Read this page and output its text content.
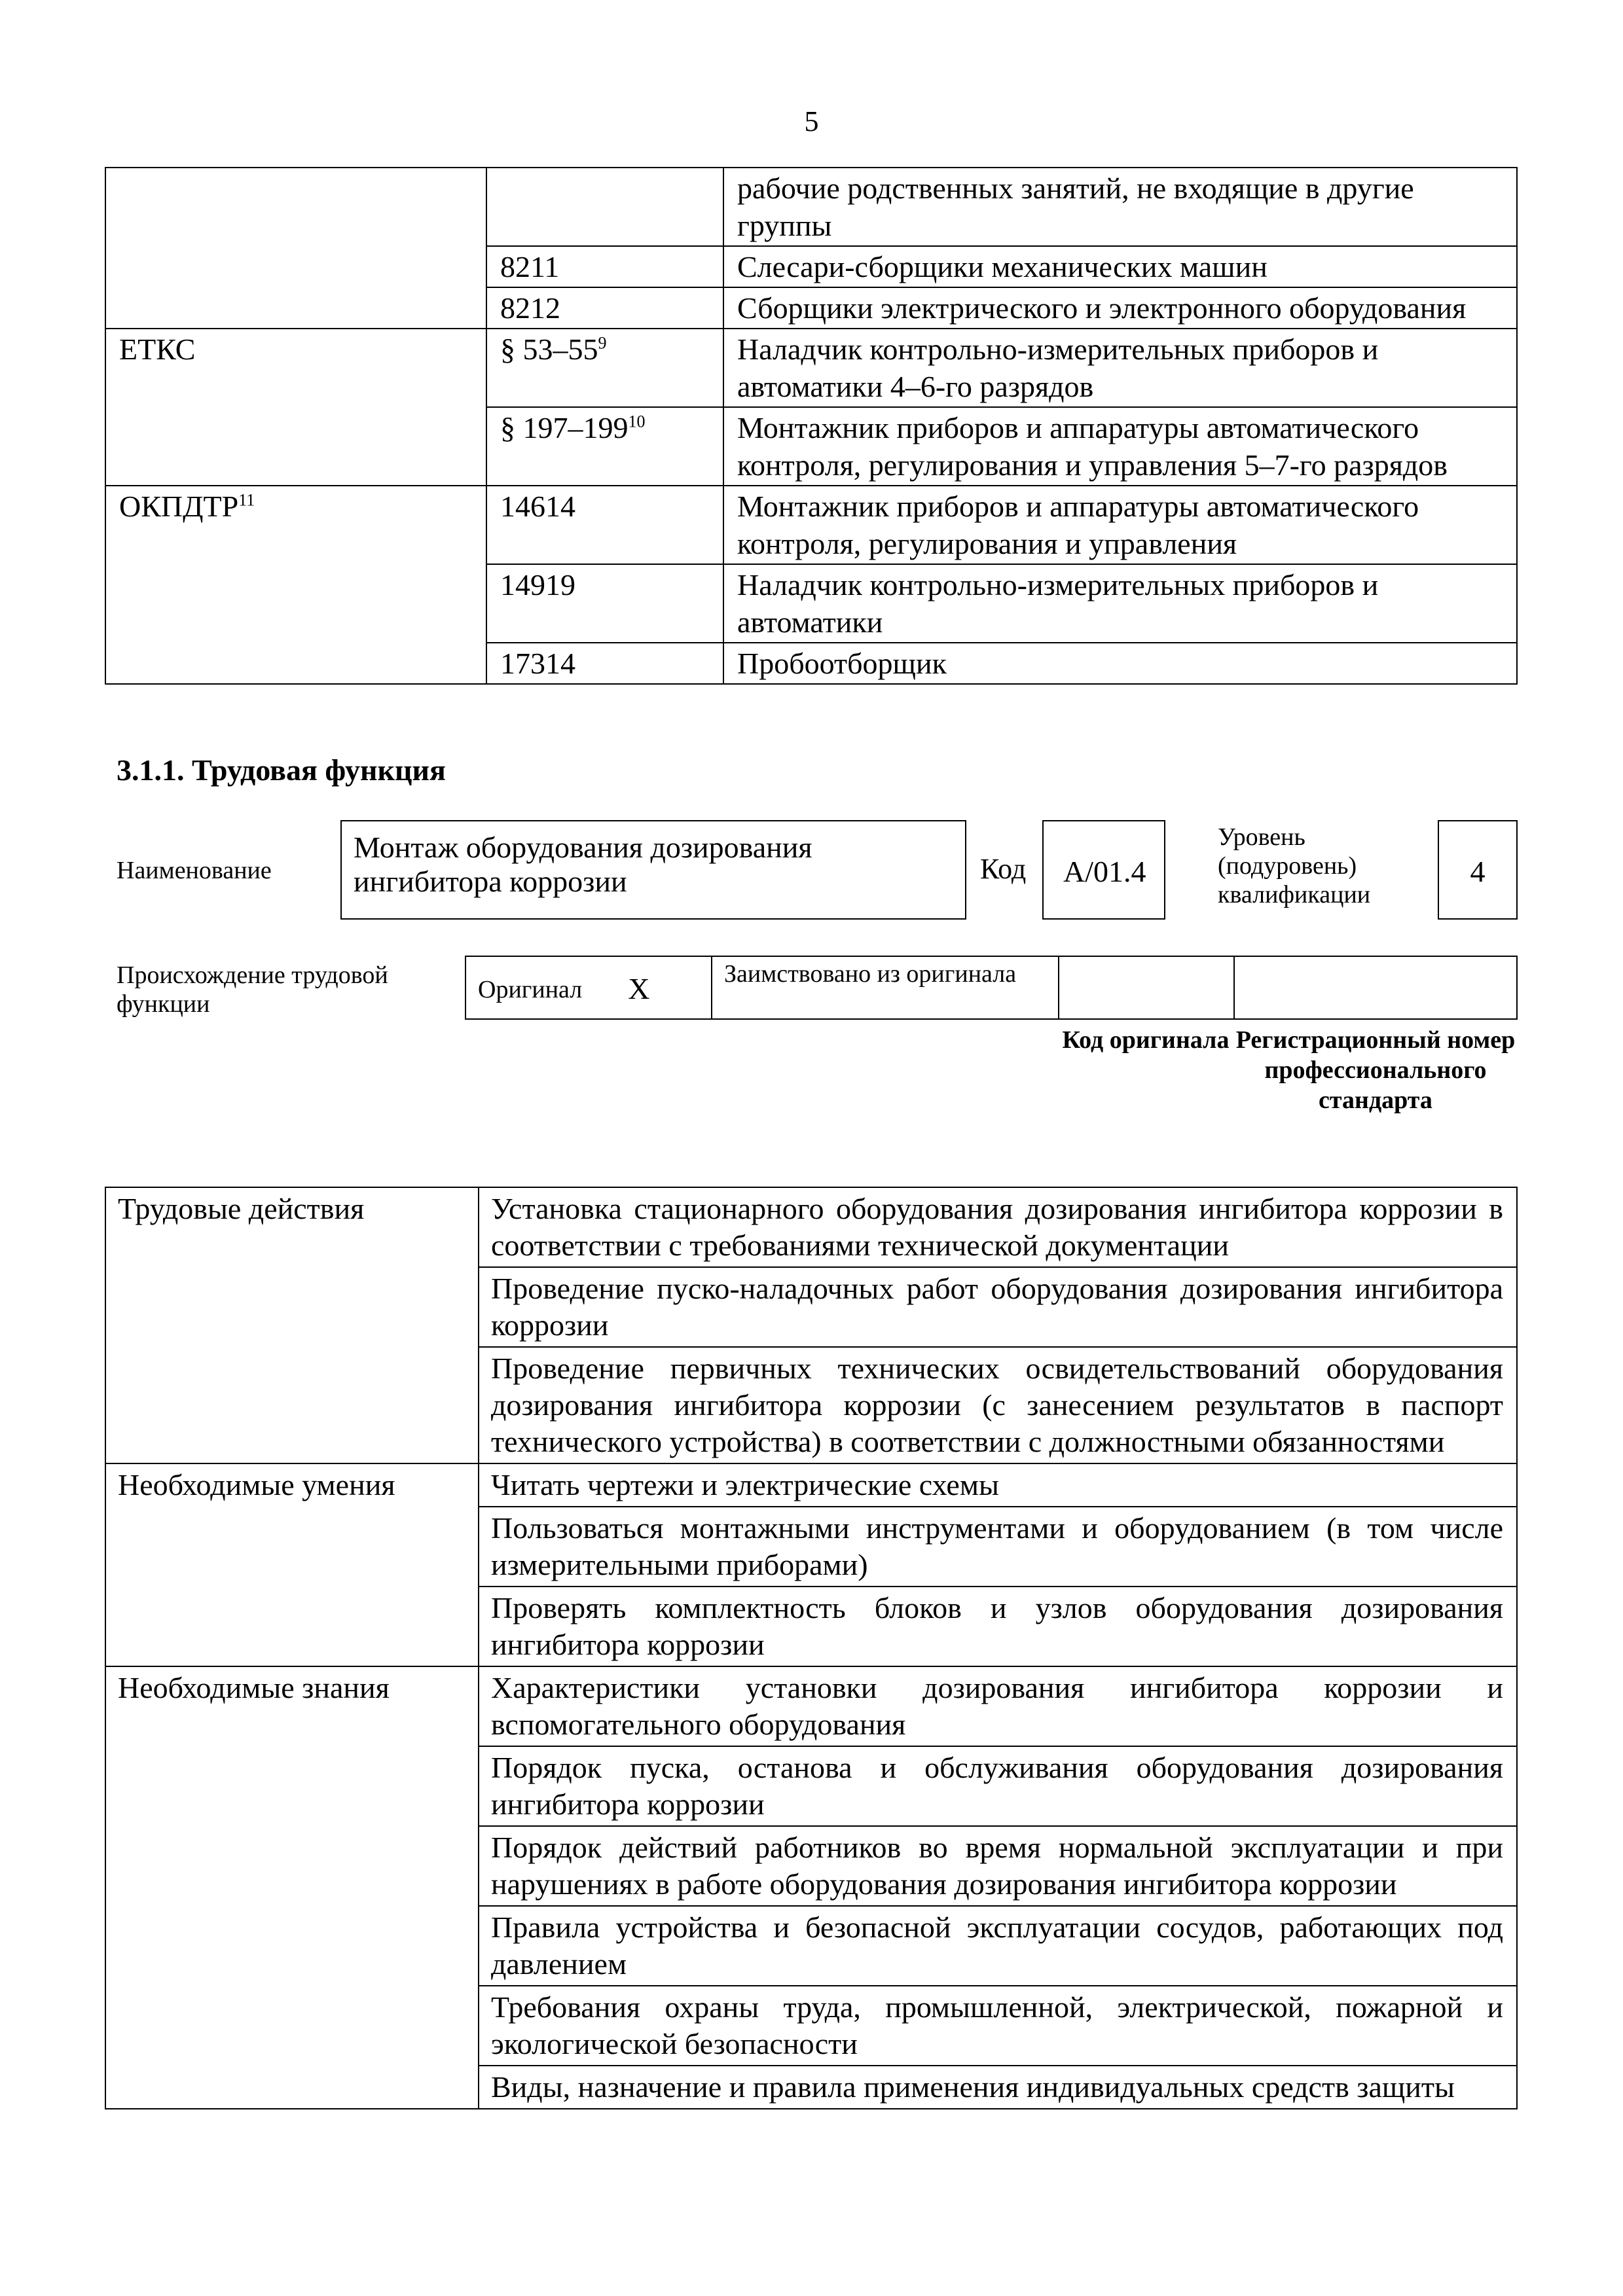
5
		рабочие родственных занятий, не входящие в другие группы
	8211	Слесари-сборщики механических машин
	8212	Сборщики электрического и электронного оборудования
ЕТКС	§ $53-55^9$	Наладчик контрольно-измерительных приборов и автоматики 4–6-го разрядов
	§ $197-199^{10}$	Монтажник приборов и аппаратуры автоматического контроля, регулирования и управления 5–7-го разрядов
ОКПДТР$^{11}$	14614	Монтажник приборов и аппаратуры автоматического контроля, регулирования и управления
	14919	Наладчик контрольно-измерительных приборов и автоматики
	17314	Пробоотборщик
3.1.1. Трудовая функция
Наименование
Монтаж оборудования дозирования ингибитора коррозии	Код	А/01.4
Уровень (подуровень) квалификации
4
Происхождение трудовой функции
Оригинал X	Заимствовано из оригинала
Код оригинала Регистрационный номер профессионального стандарта
Трудовые действия	Установка стационарного оборудования дозирования ингибитора коррозии в соответствии с требованиями технической документации
	Проведение пуско-наладочных работ оборудования дозирования ингибитора коррозии
	Проведение первичных технических освидетельствований оборудования дозирования ингибитора коррозии (с занесением результатов в паспорт технического устройства) в соответствии с должностными обязанностями
Необходимые умения	Читать чертежи и электрические схемы
	Пользоваться монтажными инструментами и оборудованием (в том числе измерительными приборами)
	Проверять комплектность блоков и узлов оборудования дозирования ингибитора коррозии
Необходимые знания	Характеристики установки дозирования ингибитора коррозии и вспомогательного оборудования
	Порядок пуска, останова и обслуживания оборудования дозирования ингибитора коррозии
	Порядок действий работников во время нормальной эксплуатации и при нарушениях в работе оборудования дозирования ингибитора коррозии
	Правила устройства и безопасной эксплуатации сосудов, работающих под давлением
	Требования охраны труда, промышленной, электрической, пожарной и экологической безопасности
	Виды, назначение и правила применения индивидуальных средств защиты
